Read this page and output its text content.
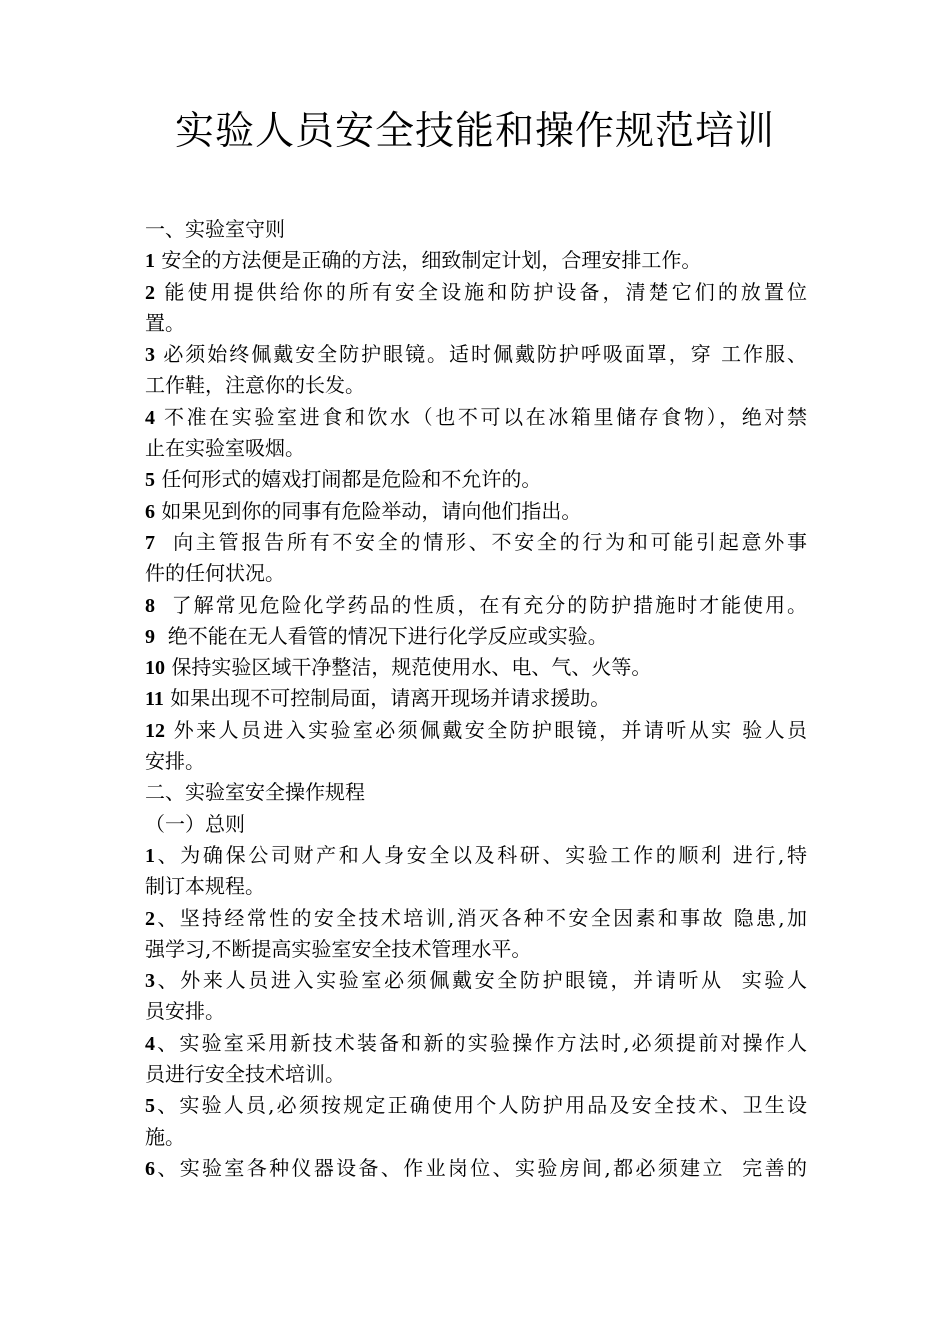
实验人员安全技能和操作规范培训
一、实验室守则
1 安全的方法便是正确的方法，细致制定计划，合理安排工作。
2 能使用提供给你的所有安全设施和防护设备，清楚它们的放置位
置。
3 必须始终佩戴安全防护眼镜。适时佩戴防护呼吸面罩，穿 工作服、
工作鞋，注意你的长发。
4 不准在实验室进食和饮水（也不可以在冰箱里储存食物），绝对禁
止在实验室吸烟。
5 任何形式的嬉戏打闹都是危险和不允许的。
6 如果见到你的同事有危险举动，请向他们指出。
7  向主管报告所有不安全的情形、不安全的行为和可能引起意外事
件的任何状况。
8  了解常见危险化学药品的性质，在有充分的防护措施时才能使用。
9  绝不能在无人看管的情况下进行化学反应或实验。
10 保持实验区域干净整洁，规范使用水、电、气、火等。
11 如果出现不可控制局面，请离开现场并请求援助。
12 外来人员进入实验室必须佩戴安全防护眼镜，并请听从实 验人员
安排。
二、实验室安全操作规程
（一）总则
1、为确保公司财产和人身安全以及科研、实验工作的顺利 进行,特
制订本规程。
2、坚持经常性的安全技术培训,消灭各种不安全因素和事故 隐患,加
强学习,不断提高实验室安全技术管理水平。
3、外来人员进入实验室必须佩戴安全防护眼镜，并请听从  实验人
员安排。
4、实验室采用新技术装备和新的实验操作方法时,必须提前对操作人
员进行安全技术培训。
5、实验人员,必须按规定正确使用个人防护用品及安全技术、卫生设
施。
6、实验室各种仪器设备、作业岗位、实验房间,都必须建立  完善的
